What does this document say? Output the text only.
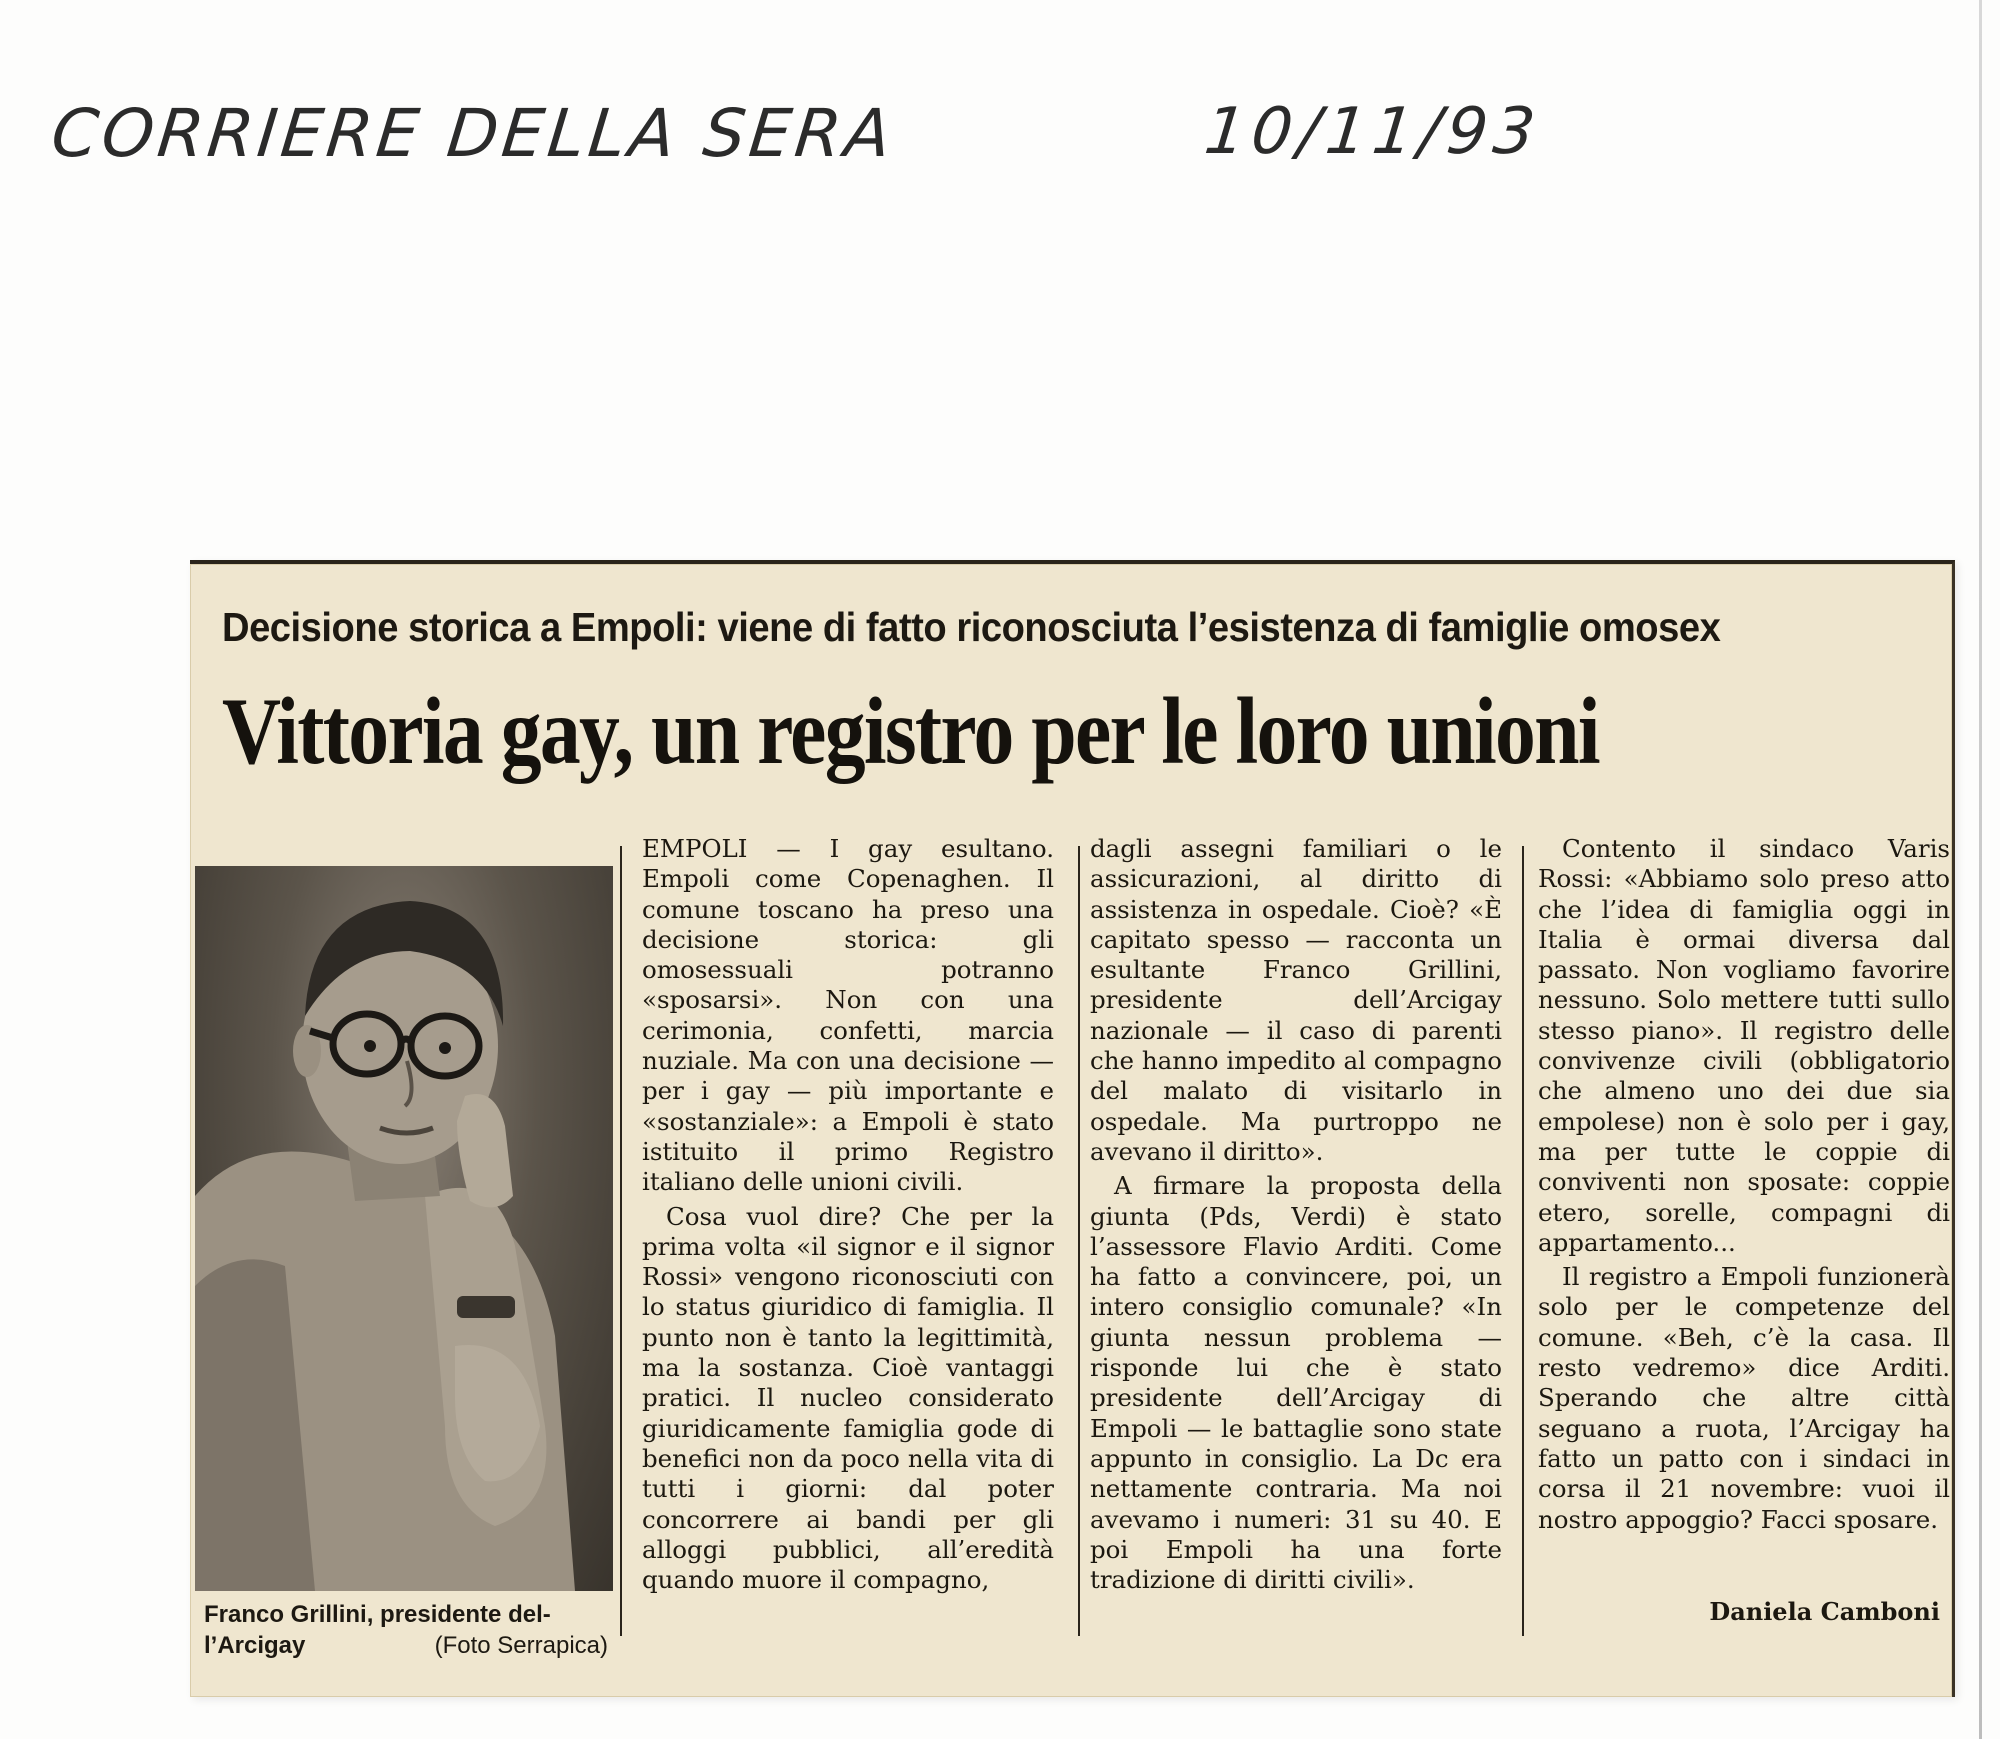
CORRIERE DELLA SERA	10/11/93
Decisione storica a Empoli: viene di fatto riconosciuta l’esistenza di famiglie omosex
Vittoria gay, un registro per le loro unioni
Franco Grillini, presidente del-l’Arcigay	(Foto Serrapica)

EMPOLI — I gay esultano. Empoli come Copenaghen. Il comune toscano ha preso una decisione storica: gli omosessuali potranno «sposarsi». Non con una cerimonia, confetti, marcia nuziale. Ma con una decisione — per i gay — più importante e «sostanziale»: a Empoli è stato istituito il primo Registro italiano delle unioni civili.

Cosa vuol dire? Che per la prima volta «il signor e il signor Rossi» vengono riconosciuti con lo status giuridico di famiglia. Il punto non è tanto la legittimità, ma la sostanza. Cioè vantaggi pratici. Il nucleo considerato giuridicamente famiglia gode di benefici non da poco nella vita di tutti i giorni: dal poter concorrere ai bandi per gli alloggi pubblici, all’eredità quando muore il compagno,

dagli assegni familiari o le assicurazioni, al diritto di assistenza in ospedale. Cioè? «È capitato spesso — racconta un esultante Franco Grillini, presidente dell’Arcigay nazionale — il caso di parenti che hanno impedito al compagno del malato di visitarlo in ospedale. Ma purtroppo ne avevano il diritto».

A firmare la proposta della giunta (Pds, Verdi) è stato l’assessore Flavio Arditi. Come ha fatto a convincere, poi, un intero consiglio comunale? «In giunta nessun problema — risponde lui che è stato presidente dell’Arcigay di Empoli — le battaglie sono state appunto in consiglio. La Dc era nettamente contraria. Ma noi avevamo i numeri: 31 su 40. E poi Empoli ha una forte tradizione di diritti civili».

Contento il sindaco Varis Rossi: «Abbiamo solo preso atto che l’idea di famiglia oggi in Italia è ormai diversa dal passato. Non vogliamo favorire nessuno. Solo mettere tutti sullo stesso piano». Il registro delle convivenze civili (obbligatorio che almeno uno dei due sia empolese) non è solo per i gay, ma per tutte le coppie di conviventi non sposate: coppie etero, sorelle, compagni di appartamento...

Il registro a Empoli funzionerà solo per le competenze del comune. «Beh, c’è la casa. Il resto vedremo» dice Arditi. Sperando che altre città seguano a ruota, l’Arcigay ha fatto un patto con i sindaci in corsa il 21 novembre: vuoi il nostro appoggio? Facci sposare.

Daniela Camboni
